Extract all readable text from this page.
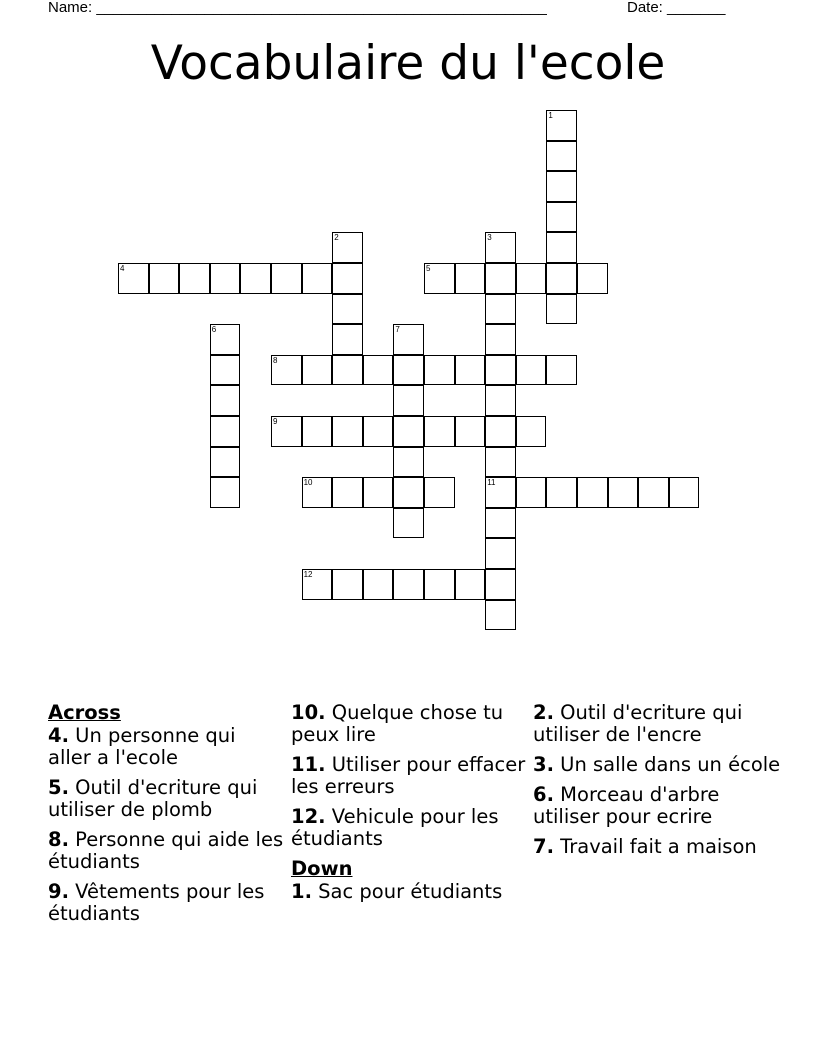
Name: ______________________________________________________	Date: _______
Vocabulaire du l'ecole
1
2	3
11
4	5
6	7
8
9
10
12
Across
4. Un personne qui aller a l'ecole
5. Outil d'ecriture qui utiliser de plomb
8. Personne qui aide les étudiants
9. Vêtements pour les étudiants
10. Quelque chose tu peux lire
11. Utiliser pour effacer les erreurs
12. Vehicule pour les étudiants
Down
1. Sac pour étudiants
2. Outil d'ecriture qui utiliser de l'encre
3. Un salle dans un école
6. Morceau d'arbre utiliser pour ecrire
7. Travail fait a maison
